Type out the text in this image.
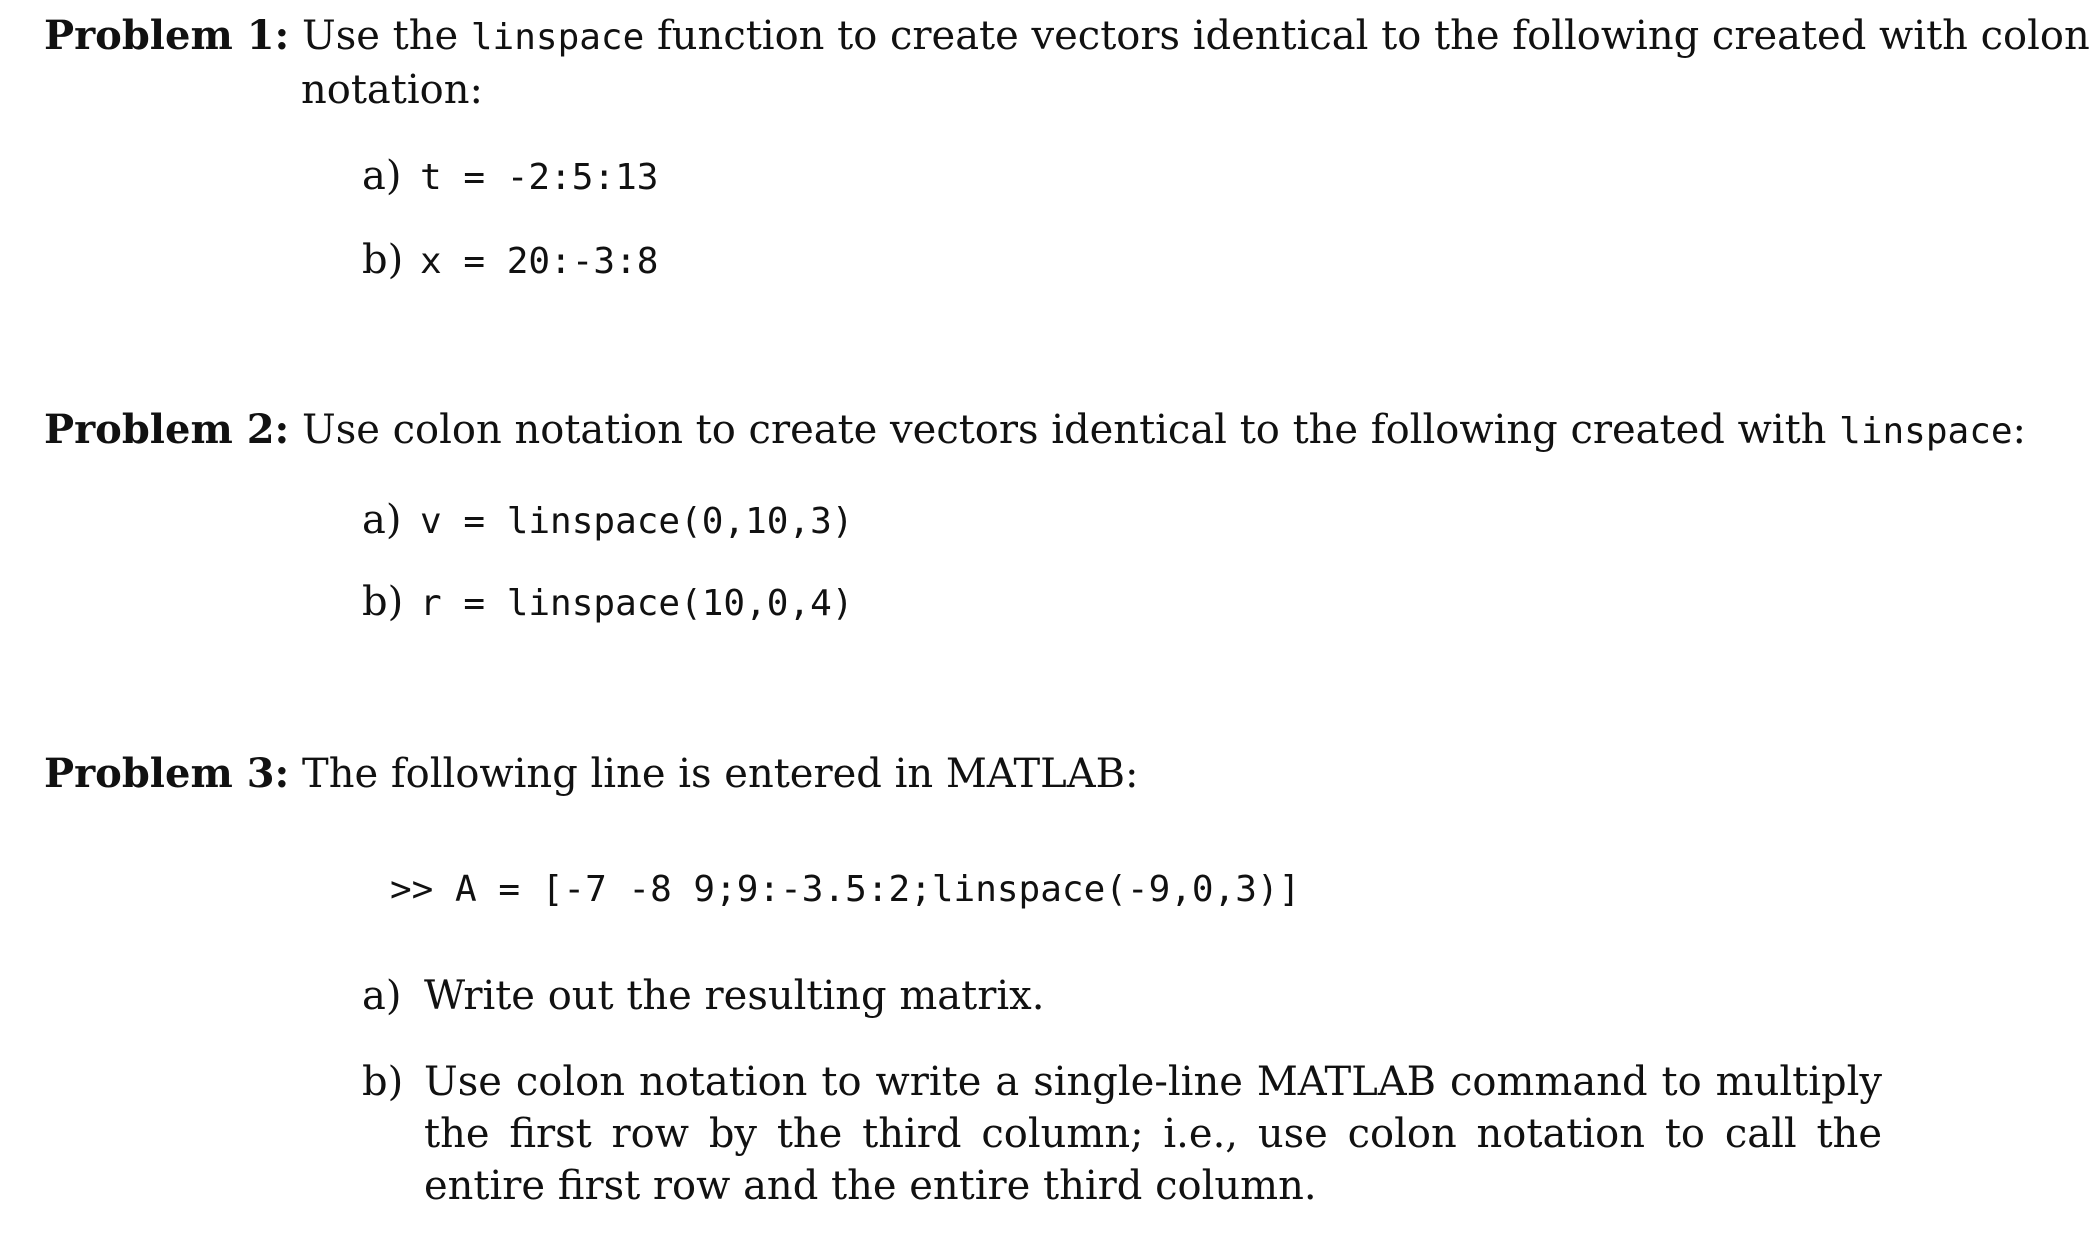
Problem 1: Use the linspace function to create vectors identical to the following created with colon
notation:
a) t = -2:5:13
b) x = 20:-3:8
Problem 2: Use colon notation to create vectors identical to the following created with linspace:
a) v = linspace(0,10,3)
b) r = linspace(10,0,4)
Problem 3: The following line is entered in MATLAB:
>> A = [-7 -8 9;9:-3.5:2;linspace(-9,0,3)]
a) Write out the resulting matrix.
b) Use colon notation to write a single-line MATLAB command to multiply the first row by the third column; i.e., use colon notation to call the entire first row and the entire third column.
